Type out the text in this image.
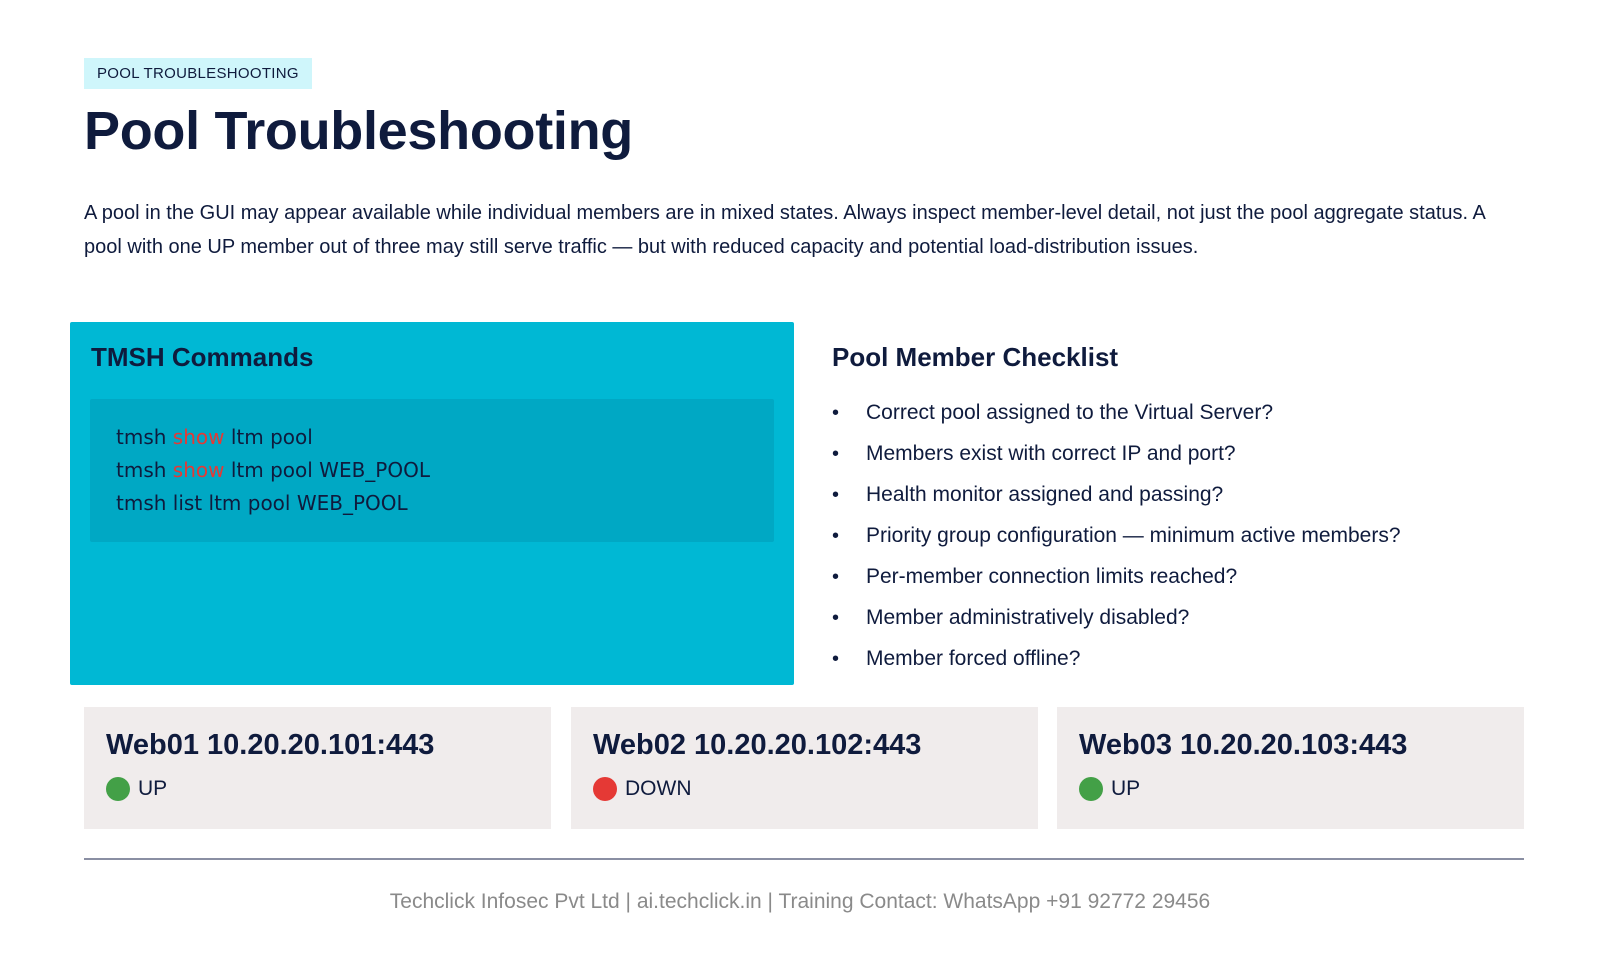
POOL TROUBLESHOOTING
Pool Troubleshooting

A pool in the GUI may appear available while individual members are in mixed states. Always inspect member-level detail, not just the pool aggregate status. A pool with one UP member out of three may still serve traffic — but with reduced capacity and potential load-distribution issues.

TMSH Commands
tmsh show ltm pool
tmsh show ltm pool WEB_POOL
tmsh list ltm pool WEB_POOL
Pool Member Checklist
•	Correct pool assigned to the Virtual Server?
•	Members exist with correct IP and port?
•	Health monitor assigned and passing?
•	Priority group configuration — minimum active members?
•	Per-member connection limits reached?
•	Member administratively disabled?
•	Member forced offline?
Web01 10.20.20.101:443
UP
Web02 10.20.20.102:443
DOWN
Web03 10.20.20.103:443
UP
Techclick Infosec Pvt Ltd | ai.techclick.in | Training Contact: WhatsApp +91 92772 29456
